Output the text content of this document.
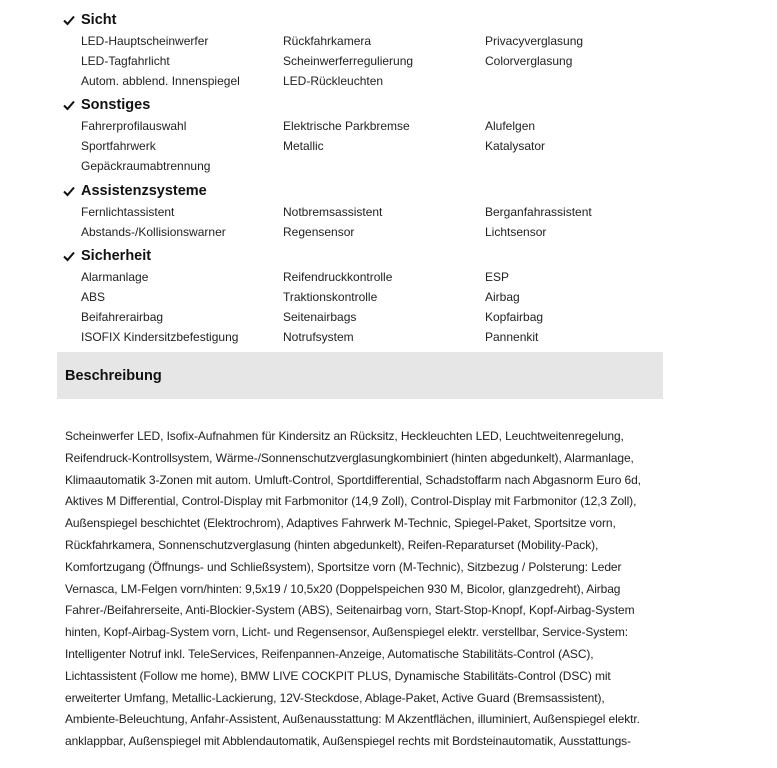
Sicht
LED-Hauptscheinwerfer	Rückfahrkamera	Privacyverglasung
LED-Tagfahrlicht	Scheinwerferregulierung	Colorverglasung
Autom. abblend. Innenspiegel	LED-Rückleuchten
Sonstiges
Fahrerprofilauswahl	Elektrische Parkbremse	Alufelgen
Sportfahrwerk	Metallic	Katalysator
Gepäckraumabtrennung
Assistenzsysteme
Fernlichtassistent	Notbremsassistent	Berganfahrassistent
Abstands-/Kollisionswarner	Regensensor	Lichtsensor
Sicherheit
Alarmanlage	Reifendruckkontrolle	ESP
ABS	Traktionskontrolle	Airbag
Beifahrerairbag	Seitenairbags	Kopfairbag
ISOFIX Kindersitzbefestigung	Notrufsystem	Pannenkit
Beschreibung
Scheinwerfer LED, Isofix-Aufnahmen für Kindersitz an Rücksitz, Heckleuchten LED, Leuchtweitenregelung,
Reifendruck-Kontrollsystem, Wärme-/Sonnenschutzverglasungkombiniert (hinten abgedunkelt), Alarmanlage,
Klimaautomatik 3-Zonen mit autom. Umluft-Control, Sportdifferential, Schadstoffarm nach Abgasnorm Euro 6d,
Aktives M Differential, Control-Display mit Farbmonitor (14,9 Zoll), Control-Display mit Farbmonitor (12,3 Zoll),
Außenspiegel beschichtet (Elektrochrom), Adaptives Fahrwerk M-Technic, Spiegel-Paket, Sportsitze vorn,
Rückfahrkamera, Sonnenschutzverglasung (hinten abgedunkelt), Reifen-Reparaturset (Mobility-Pack),
Komfortzugang (Öffnungs- und Schließsystem), Sportsitze vorn (M-Technic), Sitzbezug / Polsterung: Leder
Vernasca, LM-Felgen vorn/hinten: 9,5x19 / 10,5x20 (Doppelspeichen 930 M, Bicolor, glanzgedreht), Airbag
Fahrer-/Beifahrerseite, Anti-Blockier-System (ABS), Seitenairbag vorn, Start-Stop-Knopf, Kopf-Airbag-System
hinten, Kopf-Airbag-System vorn, Licht- und Regensensor, Außenspiegel elektr. verstellbar, Service-System:
Intelligenter Notruf inkl. TeleServices, Reifenpannen-Anzeige, Automatische Stabilitäts-Control (ASC),
Lichtassistent (Follow me home), BMW LIVE COCKPIT PLUS, Dynamische Stabilitäts-Control (DSC) mit
erweiterter Umfang, Metallic-Lackierung, 12V-Steckdose, Ablage-Paket, Active Guard (Bremsassistent),
Ambiente-Beleuchtung, Anfahr-Assistent, Außenausstattung: M Akzentflächen, illuminiert, Außenspiegel elektr.
anklappbar, Außenspiegel mit Abblendautomatik, Außenspiegel rechts mit Bordsteinautomatik, Ausstattungs-
